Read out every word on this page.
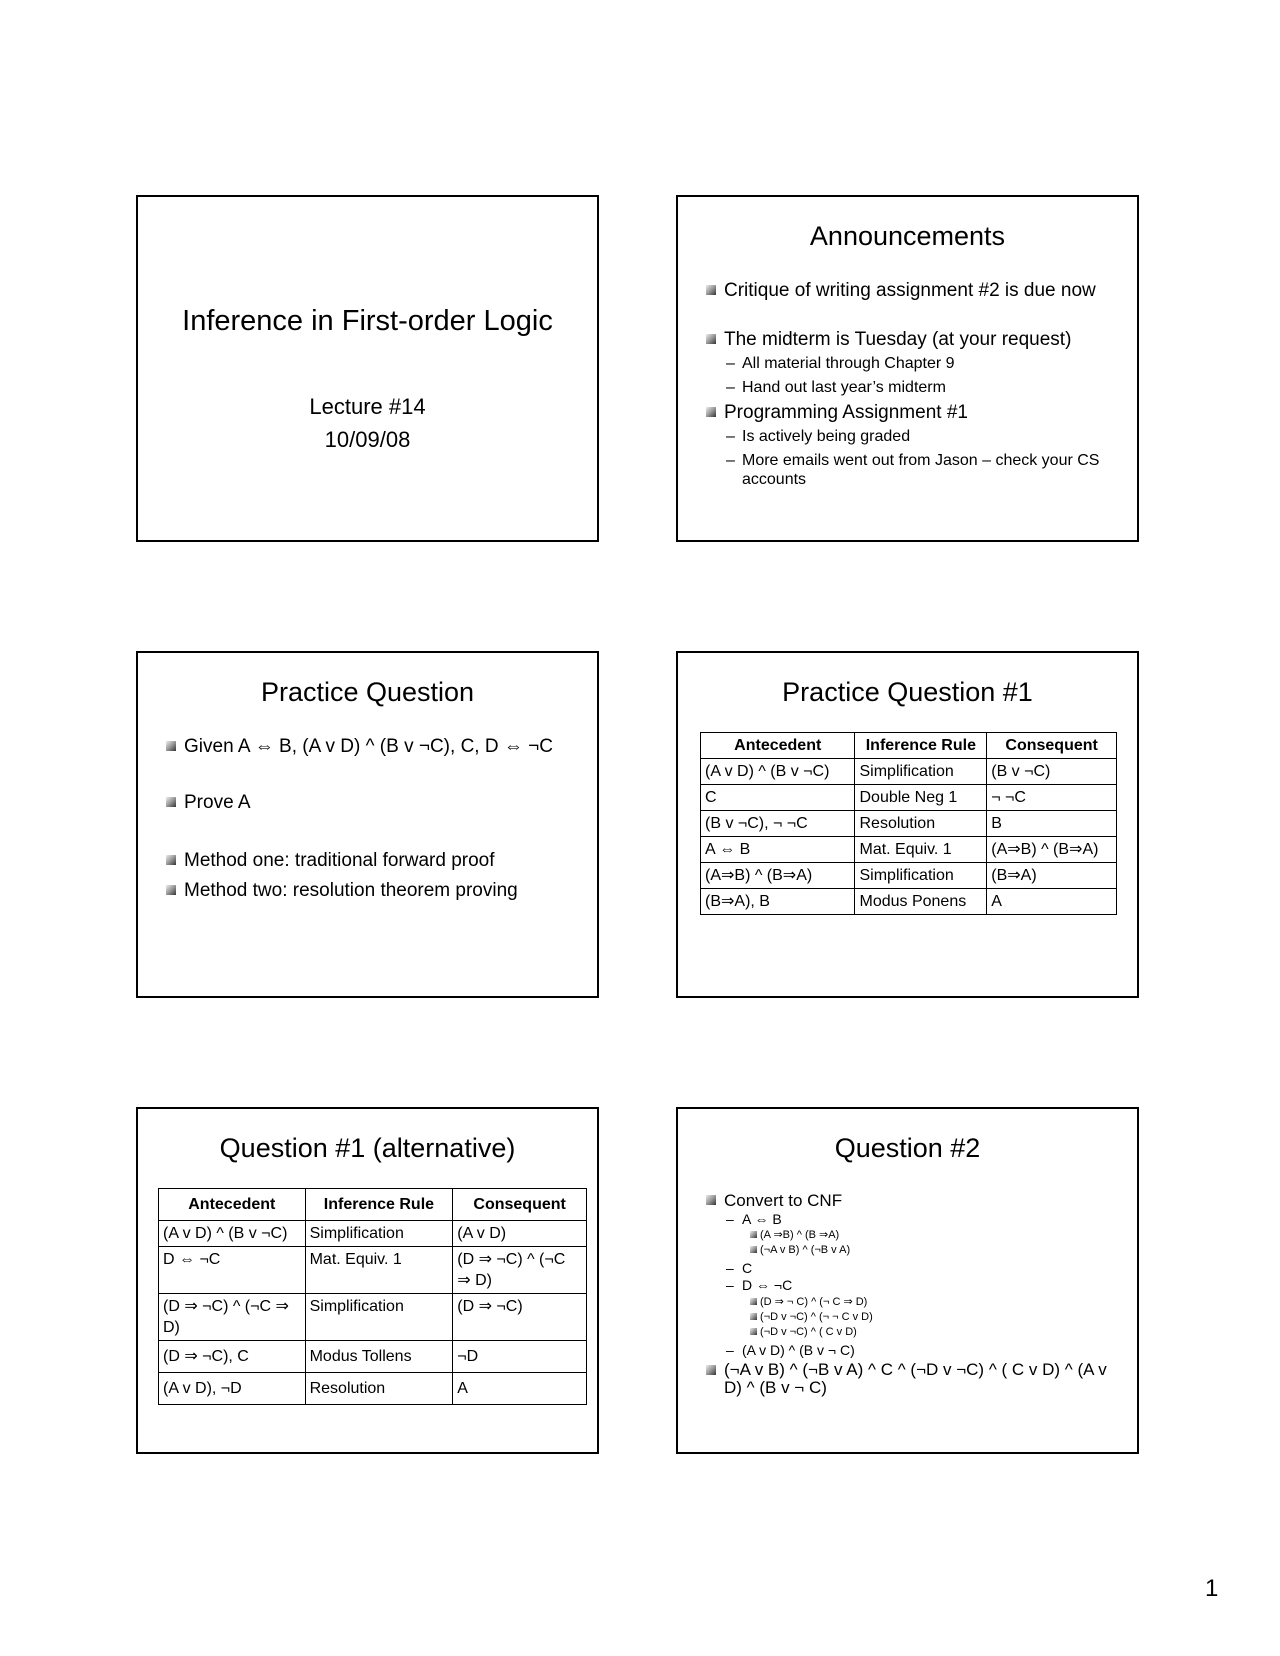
Inference in First-order Logic
Lecture #14
10/09/08
Announcements
Critique of writing assignment #2 is due now
The midterm is Tuesday (at your request)
– All material through Chapter 9
– Hand out last year’s midterm
Programming Assignment #1
– Is actively being graded
– More emails went out from Jason – check your CS accounts
Practice Question
Given A ⇔ B, (A v D) ^ (B v ¬C), C, D ⇔ ¬C
Prove A
Method one: traditional forward proof
Method two: resolution theorem proving
Practice Question #1
Antecedent	Inference Rule	Consequent
(A v D) ^ (B v ¬C)	Simplification	(B v ¬C)
C	Double Neg 1	¬ ¬C
(B v ¬C), ¬ ¬C	Resolution	B
A ⇔ B	Mat. Equiv. 1	(A⇒B) ^ (B⇒A)
(A⇒B) ^ (B⇒A)	Simplification	(B⇒A)
(B⇒A), B	Modus Ponens	A
Question #1 (alternative)
Antecedent	Inference Rule	Consequent
(A v D) ^ (B v ¬C)	Simplification	(A v D)
D ⇔ ¬C	Mat. Equiv. 1	(D ⇒ ¬C) ^ (¬C ⇒ D)
(D ⇒ ¬C) ^ (¬C ⇒ D)	Simplification	(D ⇒ ¬C)
(D ⇒ ¬C), C	Modus Tollens	¬D
(A v D), ¬D	Resolution	A
Question #2
Convert to CNF
– A ⇔ B
(A ⇒B) ^ (B ⇒A)
(¬A v B) ^ (¬B v A)
– C
– D ⇔ ¬C
(D ⇒ ¬ C) ^ (¬ C ⇒ D)
(¬D v ¬C) ^ (¬ ¬ C v D)
(¬D v ¬C) ^ ( C v D)
– (A v D) ^ (B v ¬ C)
(¬A v B) ^ (¬B v A) ^ C ^ (¬D v ¬C) ^ ( C v D) ^ (A v D) ^ (B v ¬ C)
1
